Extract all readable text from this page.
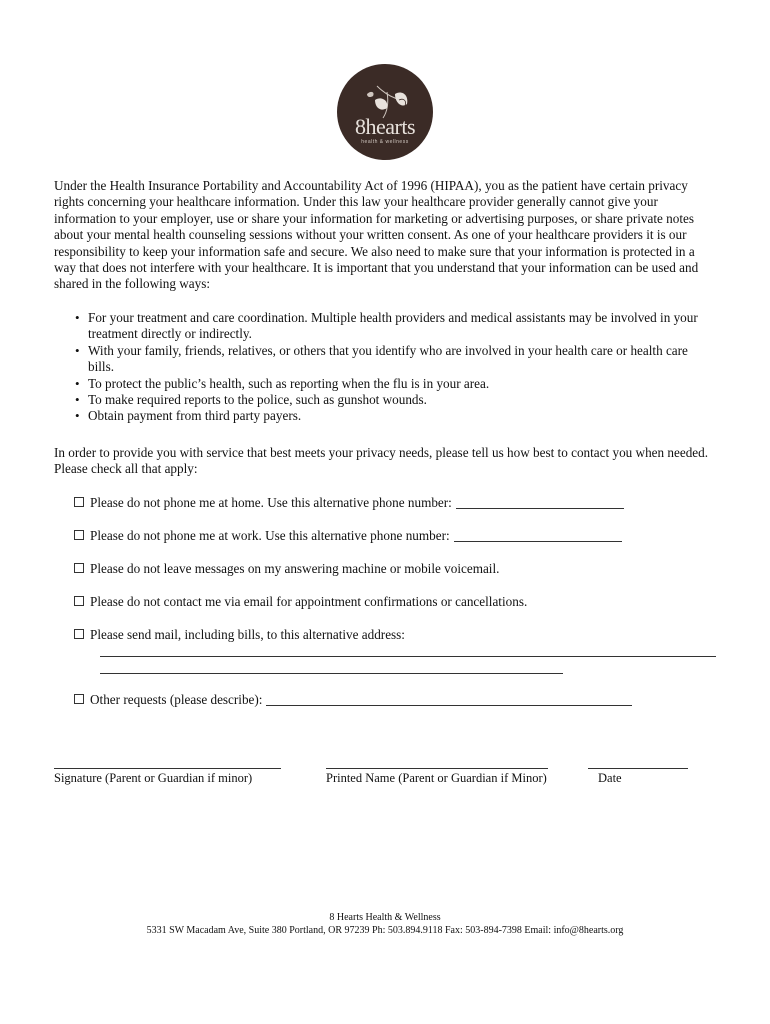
8hearts
health & wellness

Under the Health Insurance Portability and Accountability Act of 1996 (HIPAA), you as the patient have certain privacy rights concerning your healthcare information. Under this law your healthcare provider generally cannot give your information to your employer, use or share your information for marketing or advertising purposes, or share private notes about your mental health counseling sessions without your written consent. As one of your healthcare providers it is our responsibility to keep your information safe and secure. We also need to make sure that your information is protected in a way that does not interfere with your healthcare. It is important that you understand that your information can be used and shared in the following ways:

• For your treatment and care coordination. Multiple health providers and medical assistants may be involved in your treatment directly or indirectly.
• With your family, friends, relatives, or others that you identify who are involved in your health care or health care bills.
• To protect the public’s health, such as reporting when the flu is in your area.
• To make required reports to the police, such as gunshot wounds.
• Obtain payment from third party payers.

In order to provide you with service that best meets your privacy needs, please tell us how best to contact you when needed. Please check all that apply:

Please do not phone me at home. Use this alternative phone number:
Please do not phone me at work. Use this alternative phone number:
Please do not leave messages on my answering machine or mobile voicemail.
Please do not contact me via email for appointment confirmations or cancellations.
Please send mail, including bills, to this alternative address:
Other requests (please describe):
Signature (Parent or Guardian if minor)	Printed Name (Parent or Guardian if Minor)	Date
8 Hearts Health & Wellness
5331 SW Macadam Ave, Suite 380 Portland, OR 97239 Ph: 503.894.9118 Fax: 503-894-7398 Email: info@8hearts.org
